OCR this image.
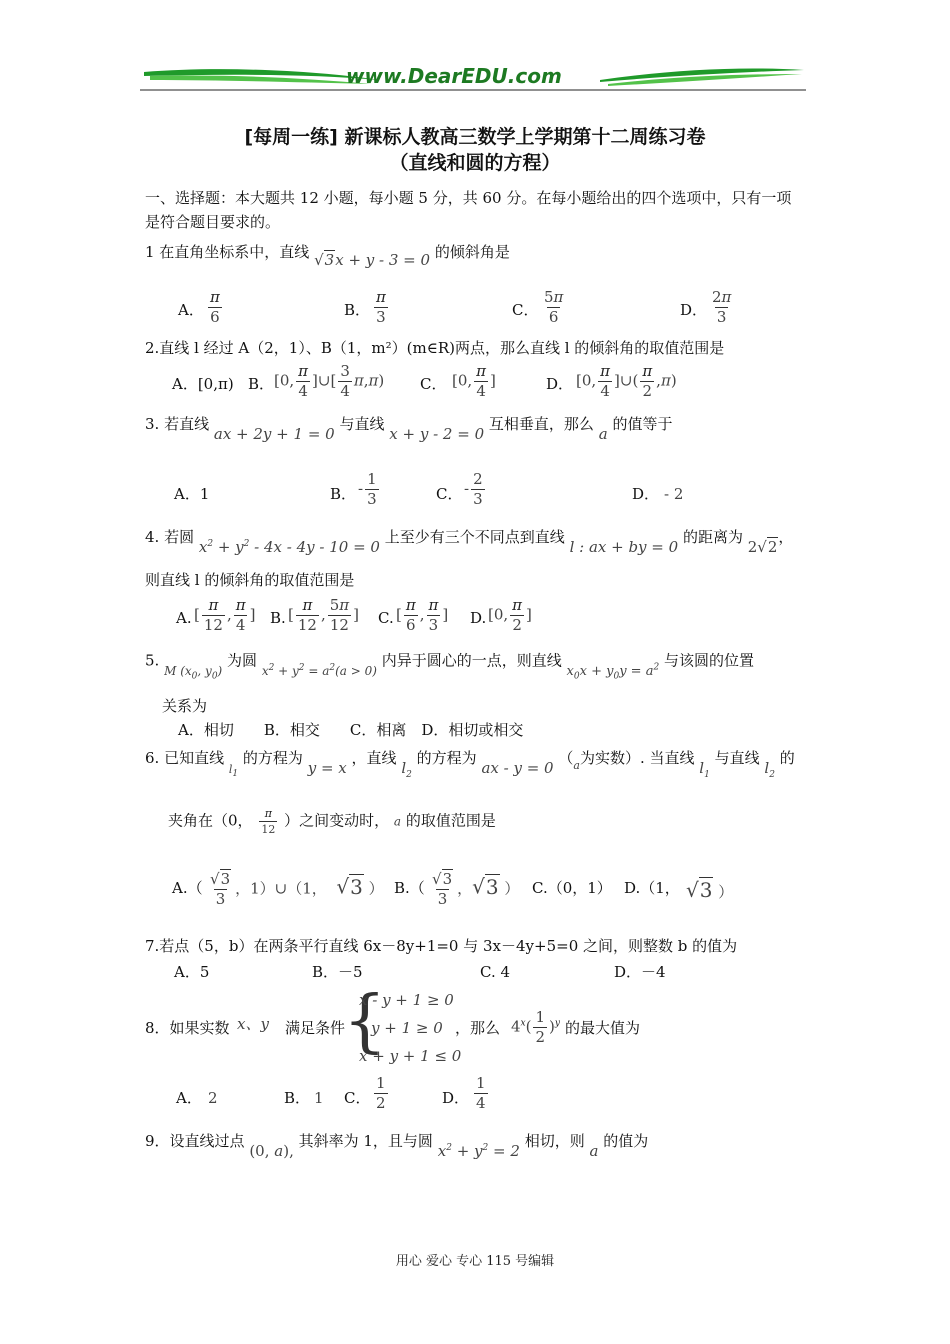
www.DearEDU.com
[每周一练] 新课标人教高三数学上学期第十二周练习卷
（直线和圆的方程）
一、选择题：本大题共 12 小题，每小题 5 分，共 60 分。在每小题给出的四个选项中，只有一项
是符合题目要求的。
1 在直角坐标系中，直线 √3x + y - 3 = 0 的倾斜角是
A． $\frac{\pi}{6}$	B． $\frac{\pi}{3}$	C． $\frac{5\pi}{6}$	D． $\frac{2\pi}{3}$
2.直线 l 经过 A（2，1）、B（1，m²）(m∈R)两点，那么直线 l 的倾斜角的取值范围是
A．[0,π) B． [0, $\frac{\pi}{4}$ ]∪[ $\frac{3}{4} \pi,\pi$) C． [0, $\frac{\pi}{4}$ ]	D． [0, $\frac{\pi}{4}$ ]∪( $\frac{\pi}{2} ,\pi$)
3. 若直线 ax + 2y + 1 = 0 与直线 x + y - 2 = 0 互相垂直，那么 a 的值等于
A．1	B． - $\frac{1}{3}$	C． - $\frac{2}{3}$	D． - 2
4. 若圆 $x^2 + y^2 - 4x - 4y - 10 = 0$ 上至少有三个不同点到直线 l : ax + by = 0 的距离为 2√2，
则直线 l 的倾斜角的取值范围是
A. [ $\frac{\pi}{12}$ , $\frac{\pi}{4}$ ] B. [ $\frac{\pi}{12}$ , $\frac{5\pi}{12}$ ] C. [ $\frac{\pi}{6}$ , $\frac{\pi}{3}$ ] D. [0, $\frac{\pi}{2}$ ]
5. $_{M (x_0, y_0)}$ 为圆 $_{x^2 + y^2 = a^2(a > 0)}$ 内异于圆心的一点，则直线 $x_0x + y_0y = a^2$ 与该圆的位置
关系为
A．相切　　B．相交　　C．相离　D．相切或相交
6. 已知直线 $_{l_1}$ 的方程为 y = x ，直线 $l_2$ 的方程为 ax - y = 0 （$_a$为实数）. 当直线 $l_1$ 与直线 $l_2$ 的
夹角在（0， $\frac{\pi}{12}$ ）之间变动时， a 的取值范围是
$A.( \frac{√3}{3}$ ，1）∪（1，  √3 ） $B.( \frac{√3}{3}$ ，√3 ） C.（0，1） D.（1， √3 ）
7.若点（5，b）在两条平行直线 6x－8y+1=0 与 3x－4y+5=0 之间，则整数 b 的值为
A．5	B．－5	C. 4	D．－4
8．如果实数 x、y 满足条件
{
x - y + 1 ≥ 0
y + 1 ≥ 0
x + y + 1 ≤ 0
，那么 $4^x( \frac{1}{2} )^y$ 的最大值为
A． 2	B． 1 C． $\frac{1}{2}$	D． $\frac{1}{4}$
9．设直线过点 (0, a), 其斜率为 1，且与圆 $x^2 + y^2 = 2$ 相切，则 a 的值为
用心 爱心 专心 115 号编辑
